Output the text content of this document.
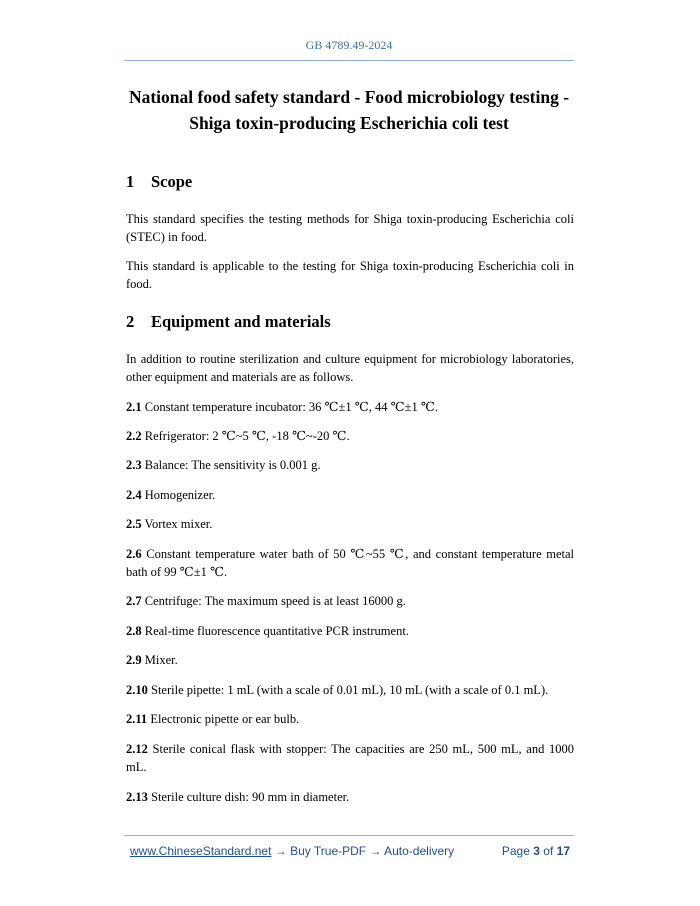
GB 4789.49-2024
National food safety standard - Food microbiology testing -
Shiga toxin-producing Escherichia coli test
1 Scope
This standard specifies the testing methods for Shiga toxin-producing Escherichia coli (STEC) in food.
This standard is applicable to the testing for Shiga toxin-producing Escherichia coli in food.
2 Equipment and materials
In addition to routine sterilization and culture equipment for microbiology laboratories, other equipment and materials are as follows.
2.1 Constant temperature incubator: 36 ℃±1 ℃, 44 ℃±1 ℃.
2.2 Refrigerator: 2 ℃~5 ℃, -18 ℃~-20 ℃.
2.3 Balance: The sensitivity is 0.001 g.
2.4 Homogenizer.
2.5 Vortex mixer.
2.6 Constant temperature water bath of 50 ℃~55 ℃, and constant temperature metal bath of 99 ℃±1 ℃.
2.7 Centrifuge: The maximum speed is at least 16000 g.
2.8 Real-time fluorescence quantitative PCR instrument.
2.9 Mixer.
2.10 Sterile pipette: 1 mL (with a scale of 0.01 mL), 10 mL (with a scale of 0.1 mL).
2.11 Electronic pipette or ear bulb.
2.12 Sterile conical flask with stopper: The capacities are 250 mL, 500 mL, and 1000 mL.
2.13 Sterile culture dish: 90 mm in diameter.
www.ChineseStandard.net → Buy True-PDF → Auto-delivery	Page 3 of 17
